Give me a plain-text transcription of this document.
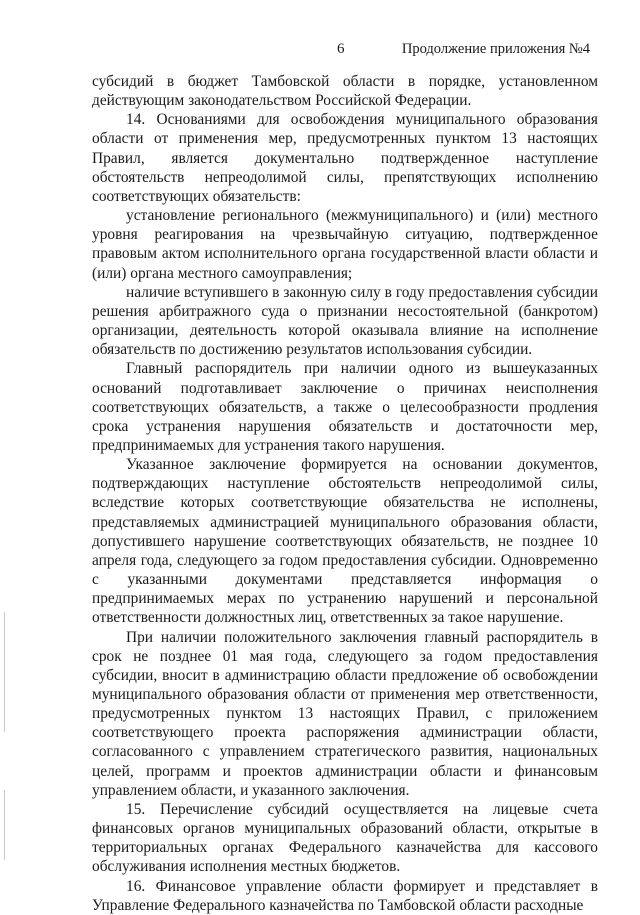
6	Продолжение приложения №4

субсидий в бюджет Тамбовской области в порядке, установленном действующим законодательством Российской Федерации.

14. Основаниями для освобождения муниципального образования области от применения мер, предусмотренных пунктом 13 настоящих Правил, является документально подтвержденное наступление обстоятельств непреодолимой силы, препятствующих исполнению соответствующих обязательств:

установление регионального (межмуниципального) и (или) местного уровня реагирования на чрезвычайную ситуацию, подтвержденное правовым актом исполнительного органа государственной власти области и (или) органа местного самоуправления;

наличие вступившего в законную силу в году предоставления субсидии решения арбитражного суда о признании несостоятельной (банкротом) организации, деятельность которой оказывала влияние на исполнение обязательств по достижению результатов использования субсидии.

Главный распорядитель при наличии одного из вышеуказанных оснований подготавливает заключение о причинах неисполнения соответствующих обязательств, а также о целесообразности продления срока устранения нарушения обязательств и достаточности мер, предпринимаемых для устранения такого нарушения.

Указанное заключение формируется на основании документов, подтверждающих наступление обстоятельств непреодолимой силы, вследствие которых соответствующие обязательства не исполнены, представляемых администрацией муниципального образования области, допустившего нарушение соответствующих обязательств, не позднее 10 апреля года, следующего за годом предоставления субсидии. Одновременно с указанными документами представляется информация о предпринимаемых мерах по устранению нарушений и персональной ответственности должностных лиц, ответственных за такое нарушение.

При наличии положительного заключения главный распорядитель в срок не позднее 01 мая года, следующего за годом предоставления субсидии, вносит в администрацию области предложение об освобождении муниципального образования области от применения мер ответственности, предусмотренных пунктом 13 настоящих Правил, с приложением соответствующего проекта распоряжения администрации области, согласованного с управлением стратегического развития, национальных целей, программ и проектов администрации области и финансовым управлением области, и указанного заключения.

15. Перечисление субсидий осуществляется на лицевые счета финансовых органов муниципальных образований области, открытые в территориальных органах Федерального казначейства для кассового обслуживания исполнения местных бюджетов.

16. Финансовое управление области формирует и представляет в Управление Федерального казначейства по Тамбовской области расходные
